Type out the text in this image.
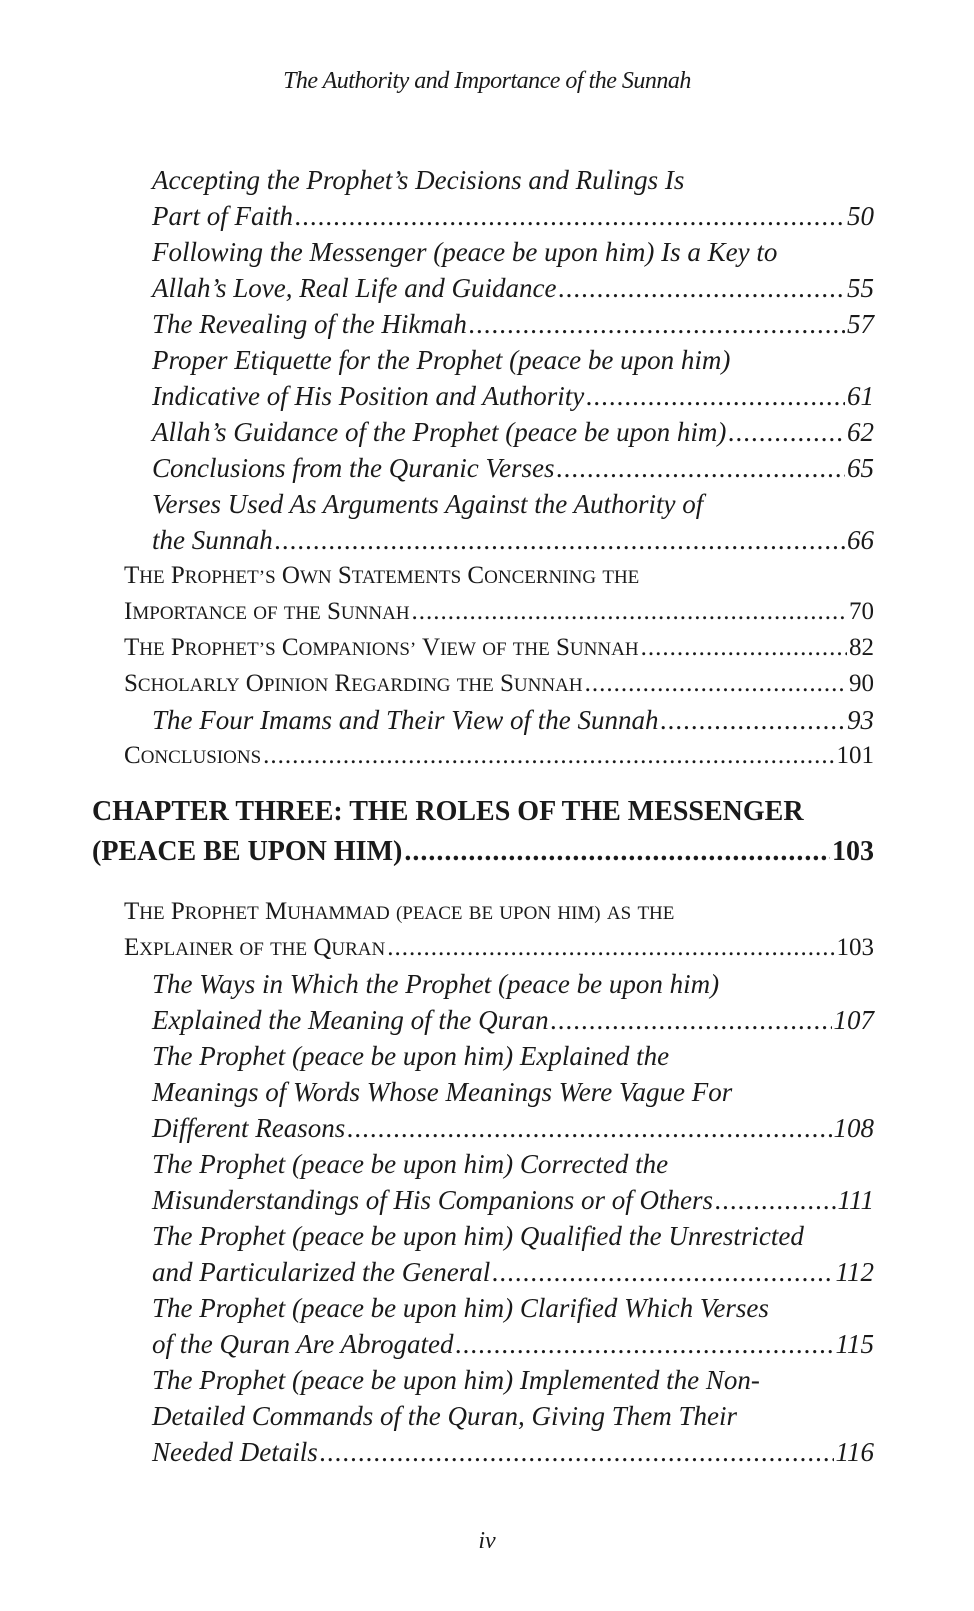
The Authority and Importance of the Sunnah
Accepting the Prophet’s Decisions and Rulings Is
Part of Faith .....	50
Following the Messenger (peace be upon him) Is a Key to
Allah’s Love, Real Life and Guidance .....	55
The Revealing of the Hikmah .....	57
Proper Etiquette for the Prophet (peace be upon him)
Indicative of His Position and Authority .....	61
Allah’s Guidance of the Prophet (peace be upon him) .....	62
Conclusions from the Quranic Verses .....	65
Verses Used As Arguments Against the Authority of
the Sunnah .....	66
THE PROPHET’S OWN STATEMENTS CONCERNING THE
IMPORTANCE OF THE SUNNAH .....	70
THE PROPHET’S COMPANIONS’ VIEW OF THE SUNNAH .....	82
SCHOLARLY OPINION REGARDING THE SUNNAH .....	90
The Four Imams and Their View of the Sunnah .....	93
CONCLUSIONS .....	101
CHAPTER THREE: THE ROLES OF THE MESSENGER
(PEACE BE UPON HIM) .....	103
THE PROPHET MUHAMMAD (PEACE BE UPON HIM) AS THE
EXPLAINER OF THE QURAN .....	103
The Ways in Which the Prophet (peace be upon him)
Explained the Meaning of the Quran .....	107
The Prophet (peace be upon him) Explained the
Meanings of Words Whose Meanings Were Vague For
Different Reasons .....	108
The Prophet (peace be upon him) Corrected the
Misunderstandings of His Companions or of Others .....	111
The Prophet (peace be upon him) Qualified the Unrestricted
and Particularized the General .....	112
The Prophet (peace be upon him) Clarified Which Verses
of the Quran Are Abrogated .....	115
The Prophet (peace be upon him) Implemented the Non-
Detailed Commands of the Quran, Giving Them Their
Needed Details .....	116
iv
